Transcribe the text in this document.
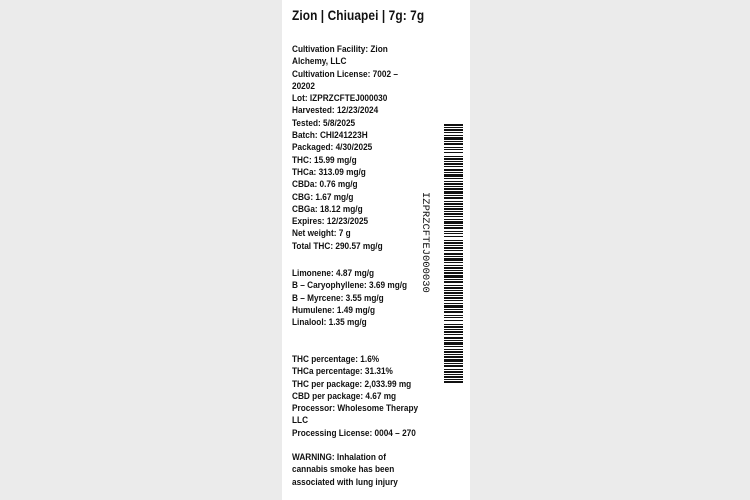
Zion | Chiuapei | 7g: 7g
Cultivation Facility: Zion Alchemy, LLC
Cultivation License: 7002 – 20202
Lot: IZPRZCFTEJ000030
Harvested: 12/23/2024
Tested: 5/8/2025
Batch: CHI241223H
Packaged: 4/30/2025
THC: 15.99 mg/g
THCa: 313.09 mg/g
CBDa: 0.76 mg/g
CBG: 1.67 mg/g
CBGa: 18.12 mg/g
Expires: 12/23/2025
Net weight: 7 g
Total THC: 290.57 mg/g
Limonene: 4.87 mg/g
B – Caryophyllene: 3.69 mg/g
B – Myrcene: 3.55 mg/g
Humulene: 1.49 mg/g
Linalool: 1.35 mg/g
THC percentage: 1.6%
THCa percentage: 31.31%
THC per package: 2,033.99 mg
CBD per package: 4.67 mg
Processor: Wholesome Therapy LLC
Processing License: 0004 – 270
WARNING: Inhalation of cannabis smoke has been associated with lung injury
IZPRZCFTEJ000030
